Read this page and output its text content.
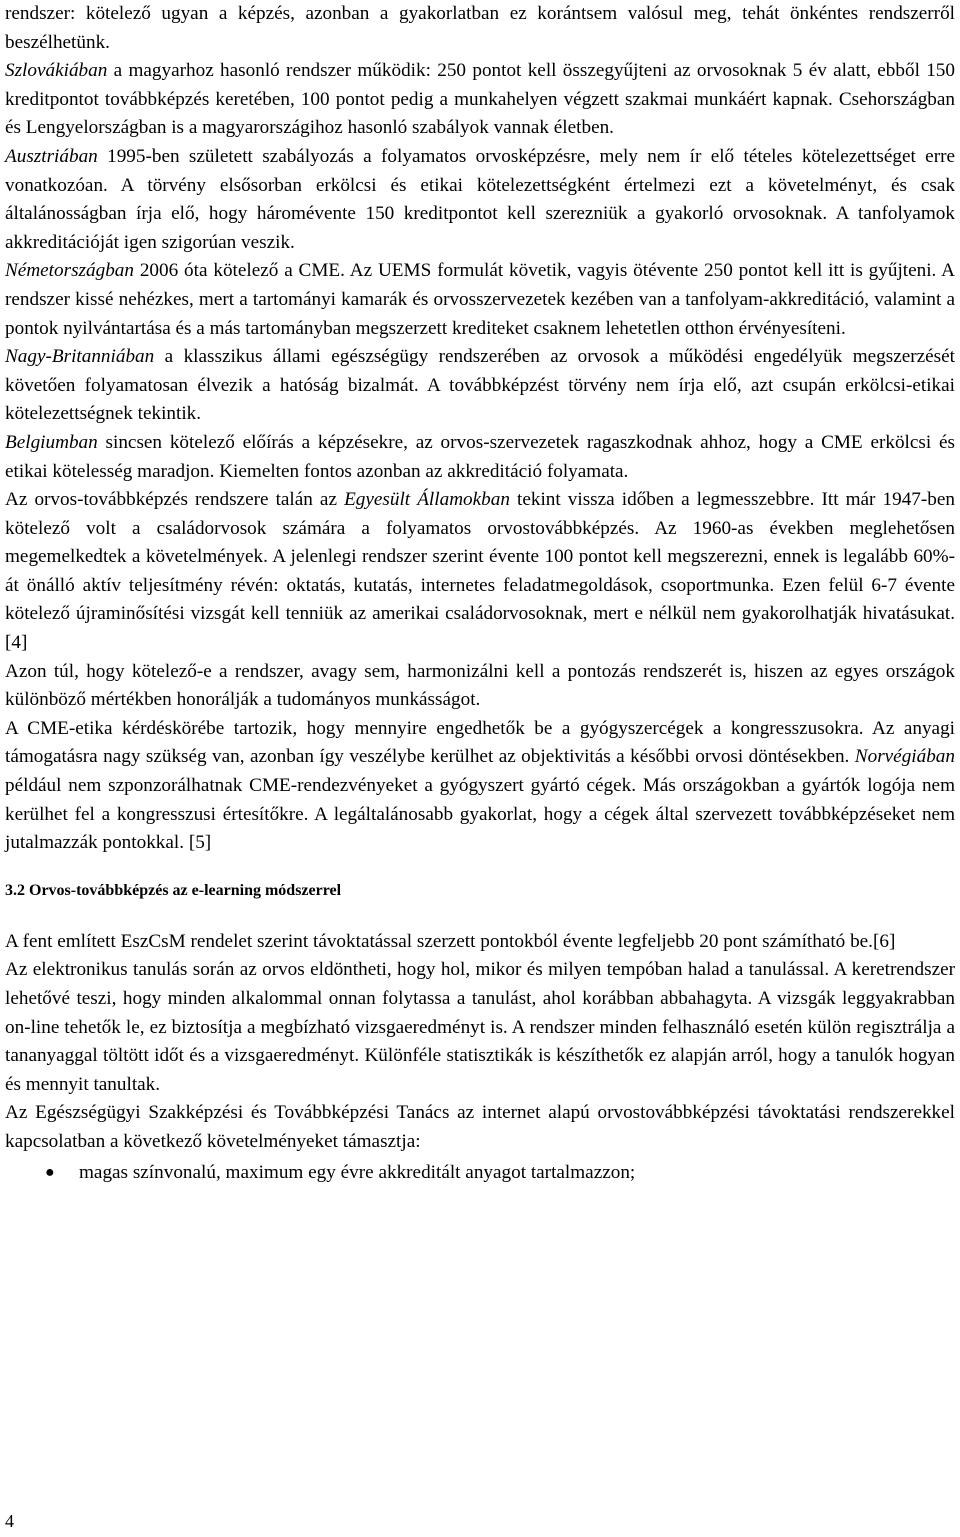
rendszer: kötelező ugyan a képzés, azonban a gyakorlatban ez korántsem valósul meg, tehát önkéntes rendszerről beszélhetünk.
Szlovákiában a magyarhoz hasonló rendszer működik: 250 pontot kell összegyűjteni az orvosoknak 5 év alatt, ebből 150 kreditpontot továbbképzés keretében, 100 pontot pedig a munkahelyen végzett szakmai munkáért kapnak. Csehországban és Lengyelországban is a magyarországihoz hasonló szabályok vannak életben.
Ausztriában 1995-ben született szabályozás a folyamatos orvosképzésre, mely nem ír elő tételes kötelezettséget erre vonatkozóan. A törvény elsősorban erkölcsi és etikai kötelezettségként értelmezi ezt a követelményt, és csak általánosságban írja elő, hogy háromévente 150 kreditpontot kell szerezniük a gyakorló orvosoknak. A tanfolyamok akkreditációját igen szigorúan veszik.
Németországban 2006 óta kötelező a CME. Az UEMS formulát követik, vagyis ötévente 250 pontot kell itt is gyűjteni. A rendszer kissé nehézkes, mert a tartományi kamarák és orvosszervezetek kezében van a tanfolyam-akkreditáció, valamint a pontok nyilvántartása és a más tartományban megszerzett krediteket csaknem lehetetlen otthon érvényesíteni.
Nagy-Britanniában a klasszikus állami egészségügy rendszerében az orvosok a működési engedélyük megszerzését követően folyamatosan élvezik a hatóság bizalmát. A továbbképzést törvény nem írja elő, azt csupán erkölcsi-etikai kötelezettségnek tekintik.
Belgiumban sincsen kötelező előírás a képzésekre, az orvos-szervezetek ragaszkodnak ahhoz, hogy a CME erkölcsi és etikai kötelesség maradjon. Kiemelten fontos azonban az akkreditáció folyamata.
Az orvos-továbbképzés rendszere talán az Egyesült Államokban tekint vissza időben a legmesszebbre. Itt már 1947-ben kötelező volt a családorvosok számára a folyamatos orvostovábbképzés. Az 1960-as években meglehetősen megemelkedtek a követelmények. A jelenlegi rendszer szerint évente 100 pontot kell megszerezni, ennek is legalább 60%-át önálló aktív teljesítmény révén: oktatás, kutatás, internetes feladatmegoldások, csoportmunka. Ezen felül 6-7 évente kötelező újraminősítési vizsgát kell tenniük az amerikai családorvosoknak, mert e nélkül nem gyakorolhatják hivatásukat. [4]
Azon túl, hogy kötelező-e a rendszer, avagy sem, harmonizálni kell a pontozás rendszerét is, hiszen az egyes országok különböző mértékben honorálják a tudományos munkásságot.
A CME-etika kérdéskörébe tartozik, hogy mennyire engedhetők be a gyógyszercégek a kongresszusokra. Az anyagi támogatásra nagy szükség van, azonban így veszélybe kerülhet az objektivitás a későbbi orvosi döntésekben. Norvégiában például nem szponzorálhatnak CME-rendezvényeket a gyógyszert gyártó cégek. Más országokban a gyártók logója nem kerülhet fel a kongresszusi értesítőkre. A legáltalánosabb gyakorlat, hogy a cégek által szervezett továbbképzéseket nem jutalmazzák pontokkal. [5]
3.2 Orvos-továbbképzés az e-learning módszerrel
A fent említett EszCsM rendelet szerint távoktatással szerzett pontokból évente legfeljebb 20 pont számítható be.[6]
Az elektronikus tanulás során az orvos eldöntheti, hogy hol, mikor és milyen tempóban halad a tanulással. A keretrendszer lehetővé teszi, hogy minden alkalommal onnan folytassa a tanulást, ahol korábban abbahagyta. A vizsgák leggyakrabban on-line tehetők le, ez biztosítja a megbízható vizsgaeredményt is. A rendszer minden felhasználó esetén külön regisztrálja a tananyaggal töltött időt és a vizsgaeredményt. Különféle statisztikák is készíthetők ez alapján arról, hogy a tanulók hogyan és mennyit tanultak.
Az Egészségügyi Szakképzési és Továbbképzési Tanács az internet alapú orvostovábbképzési távoktatási rendszerekkel kapcsolatban a következő követelményeket támasztja:
● magas színvonalú, maximum egy évre akkreditált anyagot tartalmazzon;
4
